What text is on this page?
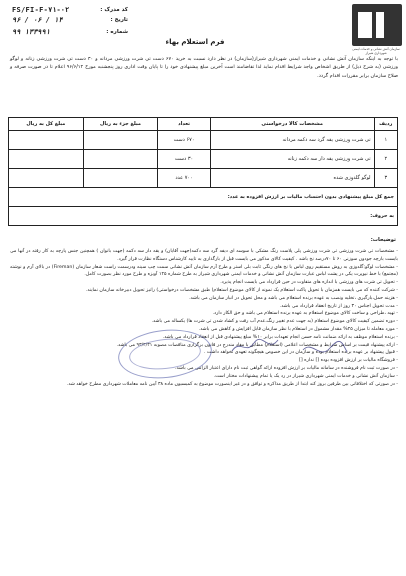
سازمان آتش نشانی و خدمات ایمنی شهرداری شیراز
فرم استعلام بهاء
کد مدرک :
FS/FI-F-۷۱-۰۲
تاریخ :
۹۶ / ۰۶ / ۱۴
شماره :
۹۹ ۱۳۳۹۹۱
با توجه به اینکه سازمان آتش نشانی و خدمات ایمنی شهرداری شیراز(سازمان) در نظر دارد نسبت به خرید ۶۷۰ دست تی شرت ورزشی مردانه و ۳۰ دست تی شرت ورزشی زنانه و لوگو ورزشی (به شرح ذیل) از طریق اشخاص واجد شرایط اقدام نماید لذا تقاضامند است آخرین مبلغ پیشنهادی خود را تا پایان وقت اداری روز پنجشنبه مورخ ۹۶/۶/۱۲ اعلام تا در صورت صرفه و صلاح سازمان برابر مقررات اقدام گردد.
ردیف	مشخصات کالا درخواستی	تعداد	مبلغ جزء به ریال	مبلغ کل به ریال
۱	تی شرت ورزشی یقه گرد سه دکمه مردانه	۶۷۰ دست		
۲	تی شرت ورزشی یقه دار سه دکمه زنانه	۳۰ دست		
۳	لوگو گلدوزی شده	۷۰۰ عدد		
جمع کل مبلغ پیشنهادی بدون احتساب مالیات بر ارزش افزوده به عدد:				
به حروف:				
توضیحات:

- مشخصات تی شرت ورزشی تی شرت ورزشی پلی پلاست رنگ مشکی با سوسه ای دیفه گرد سه دکمه(جهت آقایان) و یقه دار سه دکمه (جهت بانوان ) همچنین جنس پارچه به کار رفته در آنها می بایست بارچه جودون سوزنی ۶۰ تا ۷۰درصد نخ باشد . کیفیت کالای مذکور می بایست قبل از بارگذاری به تایید کارشناس دستگاه نظارت قرار گیرد.

- مشخصات لوگو:گلدوزی به روش مستقیم روی لباس با نخ های رنگی ثابت بلی استر و طرح آرم سازمان آتش نشانی سمت چپ سینه ودرسمت راست شعار سازمان (Fireman) در بالای آرم و نوشته (مجتمع) با خط نیوپرت یکی در پشت لباس عبارت سازمان آتش نشانی و خدمات ایمنی شهرداری شیراز به طرح شماره ۱۲۵ آویزه و طرح مورد نظر بصورت کامل.

- تحویل تی شرت های ورزشی با اندازه های متفاوت در حین قرارداد می بایست انجام پذیرد.

- شرکت کننده که می بایست همزمان با تحویل پاکت استعلام یک نمونه از کالای موضوع استعلام( طبق مشخصات درخواستی) راتیز تحویل دبیرخانه سازمان نمایند.

- هزینه حمل،بارگیری ،تخلیه ونصب به عهده برنده استعلام می باشد و محل تحویل در انبار سازمان می باشد.

- مدت تحویل اجناس ۳۰ روز از تاریخ انعقاد قرارداد می باشد.

- تهیه ،طراحی و ساخت کالای موضوع استعلام به عهده برنده استعلام می باشد و حق الکار دارد.

- دوره تضمین کیفیت کالای موضوع استعلام (به جهت عدم تغییر رنگ،عدم آب رفت و کشاد شدن تی شرت ها) یکساله می باشد.

- مورد معامله تا میزان ۲۵% مقدار مشمول در استعلام با نظر سازمان قابل افزایش و کاهش می باشد.

- برنده استعلام موظف به ارائه ضمانت نامه حسن انجام تعهدات برابر ۱۰% مبلغ پیشنهادی قبل از انعقاد قرارداد می باشد.

- ارائه پیشنهاد قیمت بر اساس شرایط و مشخصات اعلامی (استعلام) مطابق با مفاد مندرج در قانون برگزاری مناقصات مصوبه ۹۳/۳/۳۱ می باشد.

- قبول پیشنهاد بر عهده برنده استعلام بوده و سازمان در این خصوص هیچگونه تعهدی نخواهد داشت .

- فروشگاه مالیات بر ارزش افزوده بوده [] نداره []

- در صورت ثبت نام فروشنده در سامانه مالیات بر ارزش افزوده ارائه گواهی ثبت نام دارای اعتبار الزامی می باشد.

- سازمان آتش نشانی و خدمات ایمنی شهرداری شیراز در رد یک یا تمام پیشنهادات مختار است.

- در صورتی که اختلافاتی بین طرفین بروز کند ابتدا از طریق مذاکره و توافق و در غیر اینصورت موضوع به کمیسیون ماده ۳۸ آیین نامه معاملات شهرداری مطرح خواهد شد.
